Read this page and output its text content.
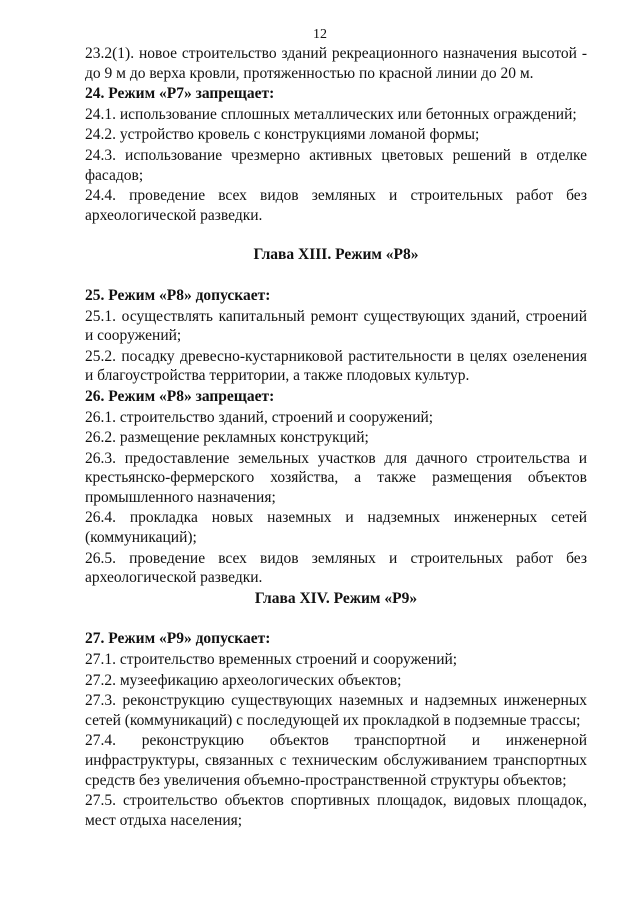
12

23.2(1). новое строительство зданий рекреационного назначения высотой - до 9 м до верха кровли, протяженностью по красной линии до 20 м.

24. Режим «Р7» запрещает:

24.1. использование сплошных металлических или бетонных ограждений;

24.2. устройство кровель с конструкциями ломаной формы;

24.3. использование чрезмерно активных цветовых решений в отделке фасадов;

24.4. проведение всех видов земляных и строительных работ без археологической разведки.

Глава XIII. Режим «Р8»

25. Режим «Р8» допускает:

25.1. осуществлять капитальный ремонт существующих зданий, строений и сооружений;

25.2. посадку древесно-кустарниковой растительности в целях озеленения и благоустройства территории, а также плодовых культур.

26. Режим «Р8» запрещает:

26.1. строительство зданий, строений и сооружений;

26.2. размещение рекламных конструкций;

26.3. предоставление земельных участков для дачного строительства и крестьянско-фермерского хозяйства, а также размещения объектов промышленного назначения;

26.4. прокладка новых наземных и надземных инженерных сетей (коммуникаций);

26.5. проведение всех видов земляных и строительных работ без археологической разведки.

Глава XIV. Режим «Р9»

27. Режим «Р9» допускает:

27.1. строительство временных строений и сооружений;

27.2. музеефикацию археологических объектов;

27.3. реконструкцию существующих наземных и надземных инженерных сетей (коммуникаций) с последующей их прокладкой в подземные трассы;

27.4. реконструкцию объектов транспортной и инженерной инфраструктуры, связанных с техническим обслуживанием транспортных средств без увеличения объемно-пространственной структуры объектов;

27.5. строительство объектов спортивных площадок, видовых площадок, мест отдыха населения;
